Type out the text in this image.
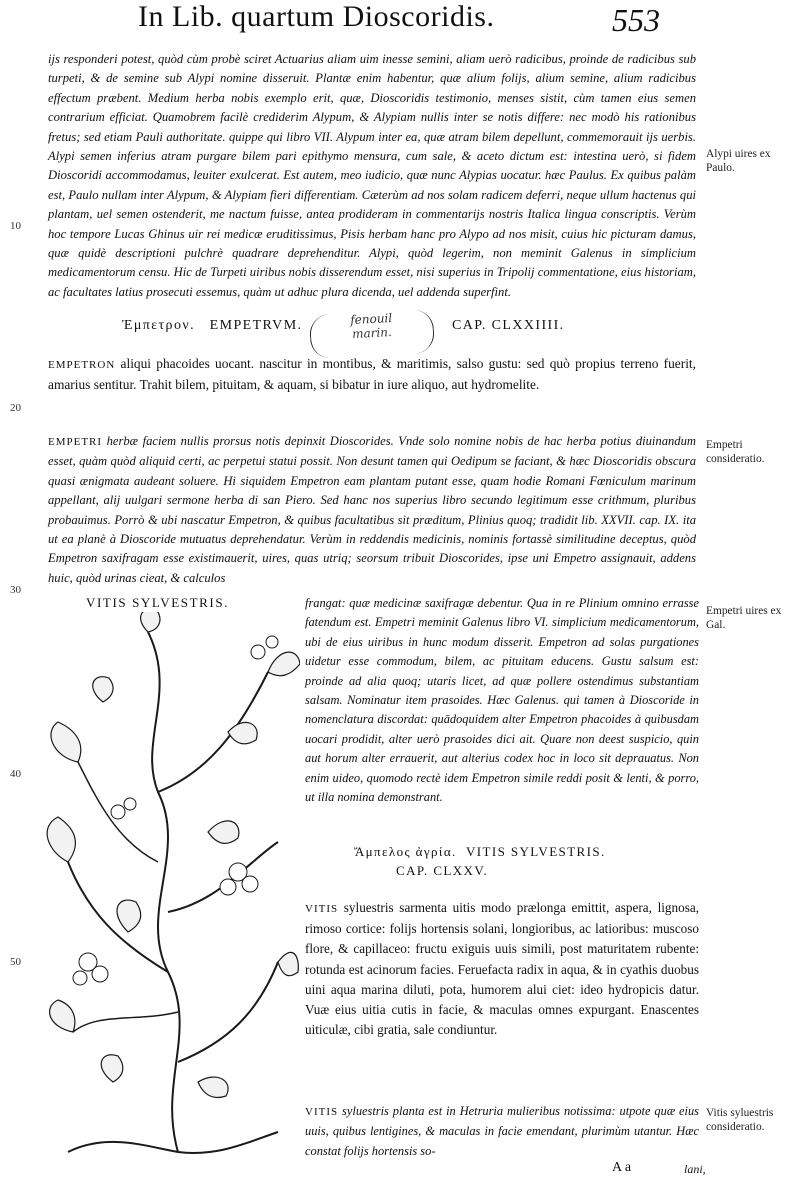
In Lib. quartum Dioscoridis.	553

ijs responderi potest, quòd cùm probè sciret Actuarius aliam uim inesse semini, aliam uerò radicibus, proinde de radicibus sub turpeti, & de semine sub Alypi nomine disseruit. Plantæ enim habentur, quæ alium folijs, alium semine, alium radicibus effectum præbent. Medium herba nobis exemplo erit, quæ, Dioscoridis testimonio, menses sistit, cùm tamen eius semen contrarium efficiat. Quamobrem facilè crediderim Alypum, & Alypiam nullis inter se notis differe: nec modò his rationibus fretus; sed etiam Pauli authoritate. quippe qui libro VII. Alypum inter ea, quæ atram bilem depellunt, commemorauit ijs uerbis. Alypi semen inferius atram purgare bilem pari epithymo mensura, cum sale, & aceto dictum est: intestina uerò, si fidem Dioscoridi accommodamus, leuiter exulcerat. Est autem, meo iudicio, quæ nunc Alypias uocatur. hæc Paulus. Ex quibus palàm est, Paulo nullam inter Alypum, & Alypiam fieri differentiam. Cæterùm ad nos solam radicem deferri, neque ullum hactenus qui plantam, uel semen ostenderit, me nactum fuisse, antea prodideram in commentarijs nostris Italica lingua conscriptis. Verùm hoc tempore Lucas Ghinus uir rei medicæ eruditissimus, Pisis herbam hanc pro Alypo ad nos misit, cuius hic picturam damus, quæ quidè descriptioni pulchrè quadrare deprehenditur. Alypi, quòd legerim, non meminit Galenus in simplicium medicamentorum censu. Hic de Turpeti uiribus nobis disserendum esset, nisi superius in Tripolij commentatione, eius historiam, ac facultates latius prosecuti essemus, quàm ut adhuc plura dicenda, uel addenda superfint.

Ἐμπετρον. EMPETRVM.	CAP. CLXXIIII.
fenouil
marin.

EMPETRON aliqui phacoides uocant. nascitur in montibus, & maritimis, salso gustu: sed quò propius terreno fuerit, amarius sentitur. Trahit bilem, pituitam, & aquam, si bibatur in iure aliquo, aut hydromelite.

EMPETRI herbæ faciem nullis prorsus notis depinxit Dioscorides. Vnde solo nomine nobis de hac herba potius diuinandum esset, quàm quòd aliquid certi, ac perpetui statui possit. Non desunt tamen qui Oedipum se faciant, & hæc Dioscoridis obscura quasi ænigmata audeant soluere. Hi siquidem Empetron eam plantam putant esse, quam hodie Romani Fœniculum marinum appellant, alij uulgari sermone herba di san Piero. Sed hanc nos superius libro secundo legitimum esse crithmum, pluribus probauimus. Porrò & ubi nascatur Empetron, & quibus facultatibus sit præditum, Plinius quoq; tradidit lib. XXVII. cap. IX. ita ut ea planè à Dioscoride mutuatus deprehendatur. Verùm in reddendis medicinis, nominis fortassè similitudine deceptus, quòd Empetron saxifragam esse existimauerit, uires, quas utriq; seorsum tribuit Dioscorides, ipse uni Empetro assignauit, addens huic, quòd urinas cieat, & calculos

VITIS SYLVESTRIS.	frangat: quæ medicinæ saxifragæ debentur. Qua in re Plinium omnino errasse fatendum est. Empetri meminit Galenus libro VI. simplicium medicamentorum, ubi de eius uiribus in hunc modum disserit. Empetron ad solas purgationes uidetur esse commodum, bilem, ac pituitam educens. Gustu salsum est: proinde ad alia quoq; utaris licet, ad quæ pollere ostendimus substantiam salsam. Nominatur item prasoides. Hæc Galenus. qui tamen à Dioscoride in nomenclatura discordat: quādoquidem alter Empetron phacoides à quibusdam uocari prodidit, alter uerò prasoides dici ait. Quare non deest suspicio, quin aut horum alter errauerit, aut alterius codex hoc in loco sit deprauatus. Non enim uideo, quomodo rectè idem Empetron simile reddi posit & lenti, & porro, ut illa nomina demonstrant.

Ἄμπελος ἀγρία. VITIS SYLVESTRIS.
CAP. CLXXV.

VITIS syluestris sarmenta uitis modo prælonga emittit, aspera, lignosa, rimoso cortice: folijs hortensis solani, longioribus, ac latioribus: muscoso flore, & capillaceo: fructu exiguis uuis simili, post maturitatem rubente: rotunda est acinorum facies. Feruefacta radix in aqua, & in cyathis duobus uini aqua marina diluti, pota, humorem alui ciet: ideo hydropicis datur. Vuæ eius uitia cutis in facie, & maculas omnes expurgant. Enascentes uiticulæ, cibi gratia, sale condiuntur.

VITIS syluestris planta est in Hetruria mulieribus notissima: utpote quæ eius uuis, quibus lentigines, & maculas in facie emendant, plurimùm utantur. Hæc constat folijs hortensis so-

Alypi uires ex Paulo.
Empetri consideratio.
Empetri uires ex Gal.
Vitis syluestris consideratio.
10
20
30
40
50
A a	lani,
